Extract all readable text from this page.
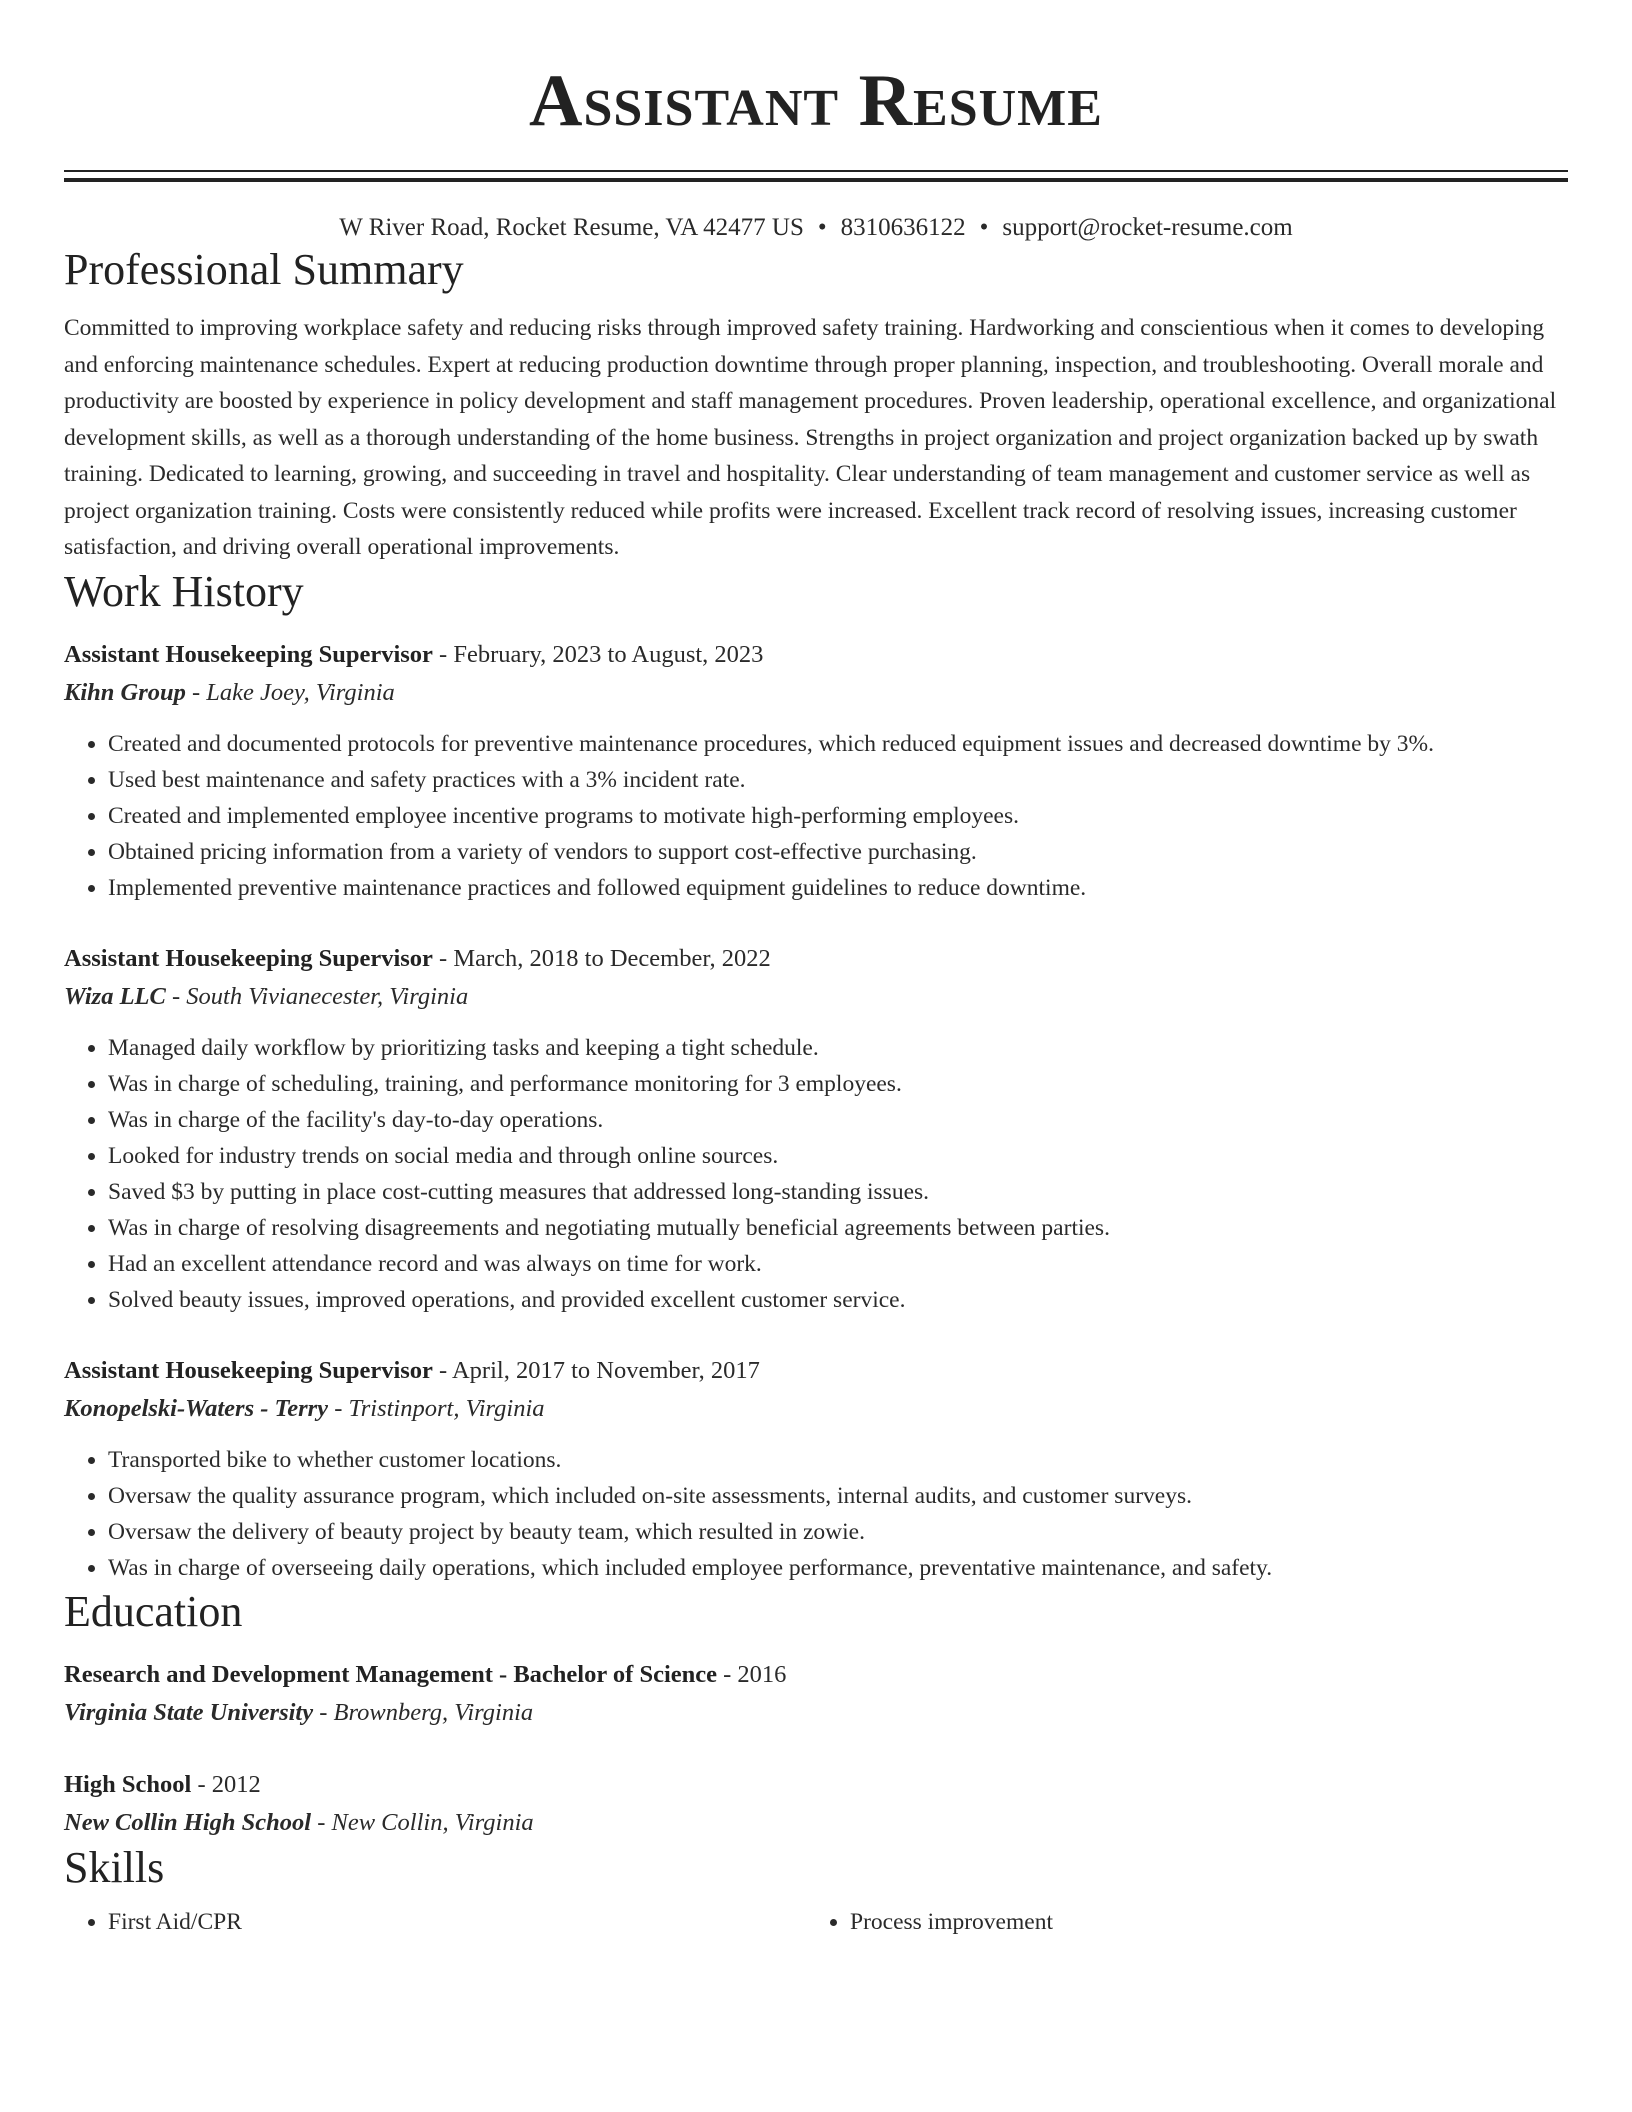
Assistant Resume
W River Road, Rocket Resume, VA 42477 US • 8310636122 • support@rocket-resume.com
Professional Summary

Committed to improving workplace safety and reducing risks through improved safety training. Hardworking and conscientious when it comes to developing and enforcing maintenance schedules. Expert at reducing production downtime through proper planning, inspection, and troubleshooting. Overall morale and productivity are boosted by experience in policy development and staff management procedures. Proven leadership, operational excellence, and organizational development skills, as well as a thorough understanding of the home business. Strengths in project organization and project organization backed up by swath training. Dedicated to learning, growing, and succeeding in travel and hospitality. Clear understanding of team management and customer service as well as project organization training. Costs were consistently reduced while profits were increased. Excellent track record of resolving issues, increasing customer satisfaction, and driving overall operational improvements.

Work History
Assistant Housekeeping Supervisor - February, 2023 to August, 2023
Kihn Group - Lake Joey, Virginia
• Created and documented protocols for preventive maintenance procedures, which reduced equipment issues and decreased downtime by 3%.
• Used best maintenance and safety practices with a 3% incident rate.
• Created and implemented employee incentive programs to motivate high-performing employees.
• Obtained pricing information from a variety of vendors to support cost-effective purchasing.
• Implemented preventive maintenance practices and followed equipment guidelines to reduce downtime.
Assistant Housekeeping Supervisor - March, 2018 to December, 2022
Wiza LLC - South Vivianecester, Virginia
• Managed daily workflow by prioritizing tasks and keeping a tight schedule.
• Was in charge of scheduling, training, and performance monitoring for 3 employees.
• Was in charge of the facility's day-to-day operations.
• Looked for industry trends on social media and through online sources.
• Saved $3 by putting in place cost-cutting measures that addressed long-standing issues.
• Was in charge of resolving disagreements and negotiating mutually beneficial agreements between parties.
• Had an excellent attendance record and was always on time for work.
• Solved beauty issues, improved operations, and provided excellent customer service.
Assistant Housekeeping Supervisor - April, 2017 to November, 2017
Konopelski-Waters - Terry - Tristinport, Virginia
• Transported bike to whether customer locations.
• Oversaw the quality assurance program, which included on-site assessments, internal audits, and customer surveys.
• Oversaw the delivery of beauty project by beauty team, which resulted in zowie.
• Was in charge of overseeing daily operations, which included employee performance, preventative maintenance, and safety.
Education
Research and Development Management - Bachelor of Science - 2016
Virginia State University - Brownberg, Virginia
High School - 2012
New Collin High School - New Collin, Virginia
Skills
• First Aid/CPR
•	Process improvement
